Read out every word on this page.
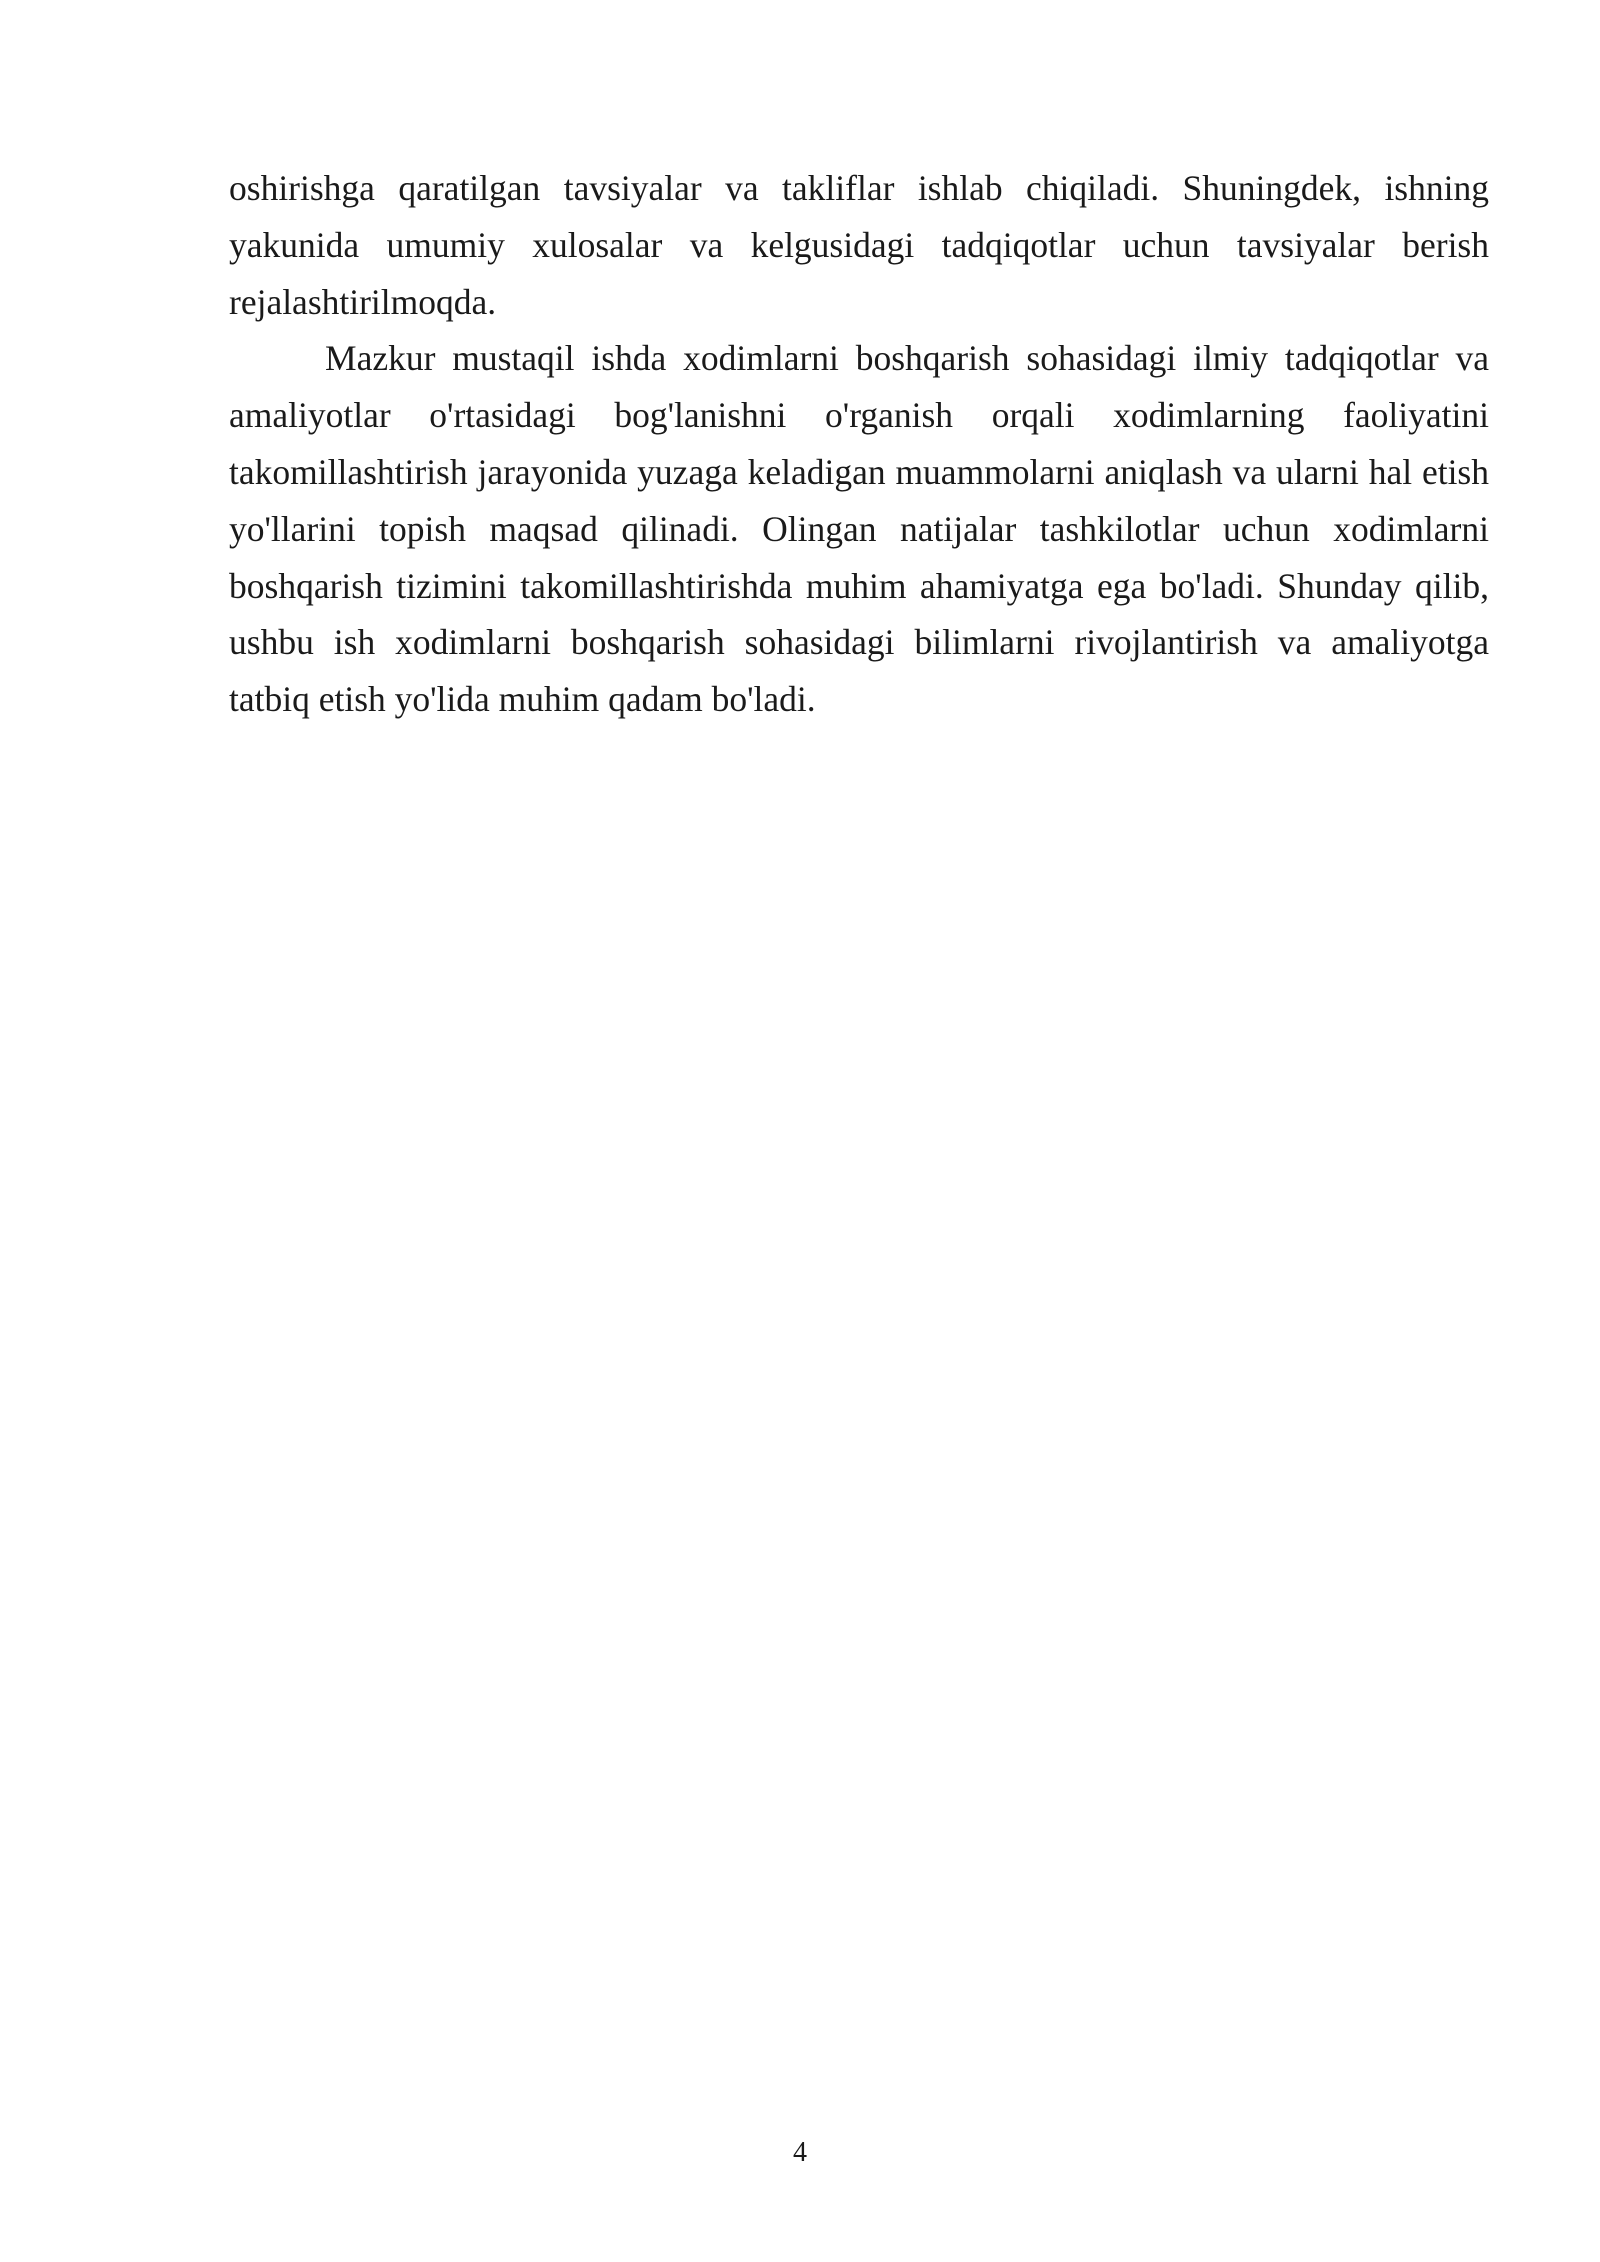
oshirishga qaratilgan tavsiyalar va takliflar ishlab chiqiladi. Shuningdek, ishning yakunida umumiy xulosalar va kelgusidagi tadqiqotlar uchun tavsiyalar berish rejalashtirilmoqda.

Mazkur mustaqil ishda xodimlarni boshqarish sohasidagi ilmiy tadqiqotlar va amaliyotlar o'rtasidagi bog'lanishni o'rganish orqali xodimlarning faoliyatini takomillashtirish jarayonida yuzaga keladigan muammolarni aniqlash va ularni hal etish yo'llarini topish maqsad qilinadi. Olingan natijalar tashkilotlar uchun xodimlarni boshqarish tizimini takomillashtirishda muhim ahamiyatga ega bo'ladi. Shunday qilib, ushbu ish xodimlarni boshqarish sohasidagi bilimlarni rivojlantirish va amaliyotga tatbiq etish yo'lida muhim qadam bo'ladi.

4
